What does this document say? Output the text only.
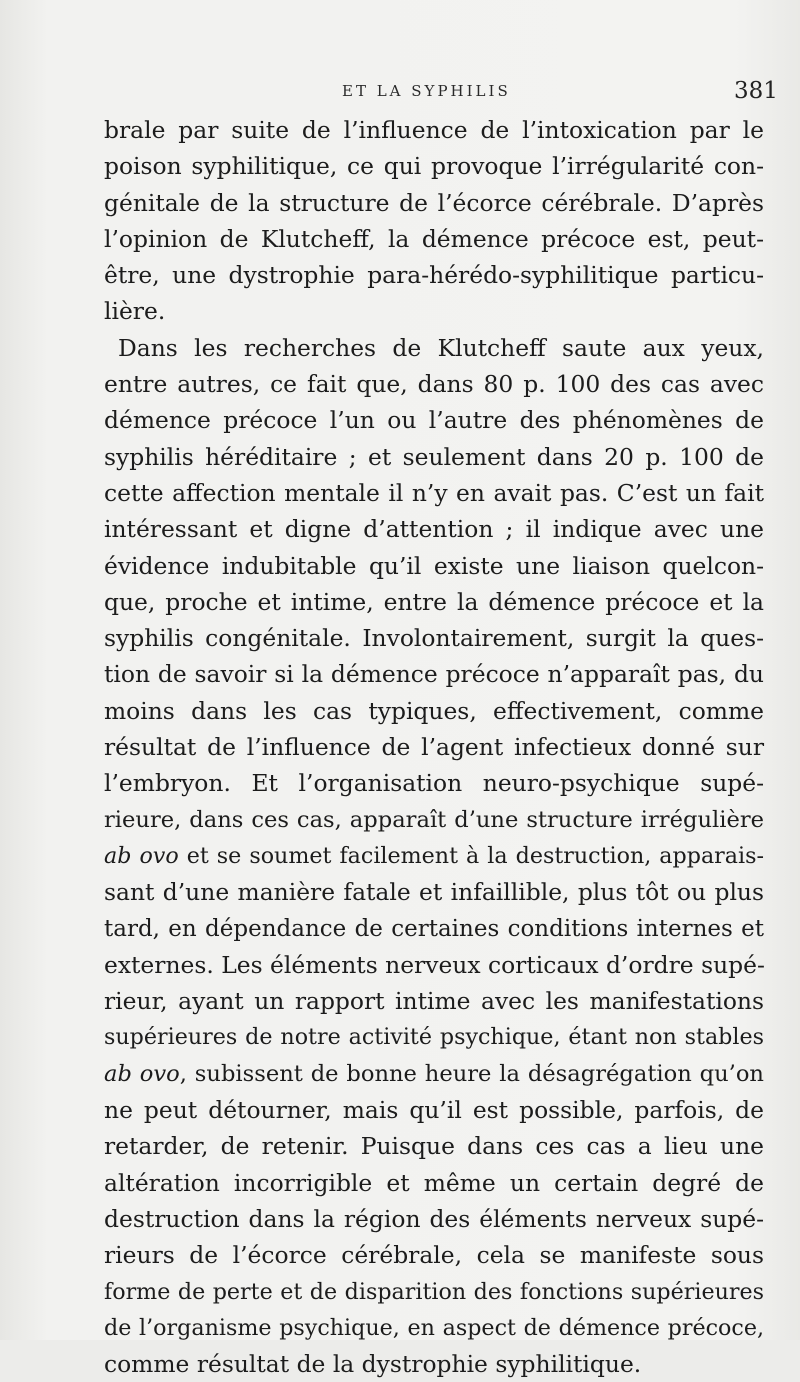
ET LA SYPHILIS	381
brale par suite de l’influence de l’intoxication par le
poison syphilitique, ce qui provoque l’irrégularité con-
génitale de la structure de l’écorce cérébrale. D’après
l’opinion de Klutcheff, la démence précoce est, peut-
être, une dystrophie para-hérédo-syphilitique particu-
lière.
Dans les recherches de Klutcheff saute aux yeux,
entre autres, ce fait que, dans 80 p. 100 des cas avec
démence précoce l’un ou l’autre des phénomènes de
syphilis héréditaire ; et seulement dans 20 p. 100 de
cette affection mentale il n’y en avait pas. C’est un fait
intéressant et digne d’attention ; il indique avec une
évidence indubitable qu’il existe une liaison quelcon-
que, proche et intime, entre la démence précoce et la
syphilis congénitale. Involontairement, surgit la ques-
tion de savoir si la démence précoce n’apparaît pas, du
moins dans les cas typiques, effectivement, comme
résultat de l’influence de l’agent infectieux donné sur
l’embryon. Et l’organisation neuro-psychique supé-
rieure, dans ces cas, apparaît d’une structure irrégulière
ab ovo et se soumet facilement à la destruction, apparais-
sant d’une manière fatale et infaillible, plus tôt ou plus
tard, en dépendance de certaines conditions internes et
externes. Les éléments nerveux corticaux d’ordre supé-
rieur, ayant un rapport intime avec les manifestations
supérieures de notre activité psychique, étant non stables
ab ovo, subissent de bonne heure la désagrégation qu’on
ne peut détourner, mais qu’il est possible, parfois, de
retarder, de retenir. Puisque dans ces cas a lieu une
altération incorrigible et même un certain degré de
destruction dans la région des éléments nerveux supé-
rieurs de l’écorce cérébrale, cela se manifeste sous
forme de perte et de disparition des fonctions supérieures
de l’organisme psychique, en aspect de démence précoce,
comme résultat de la dystrophie syphilitique.
